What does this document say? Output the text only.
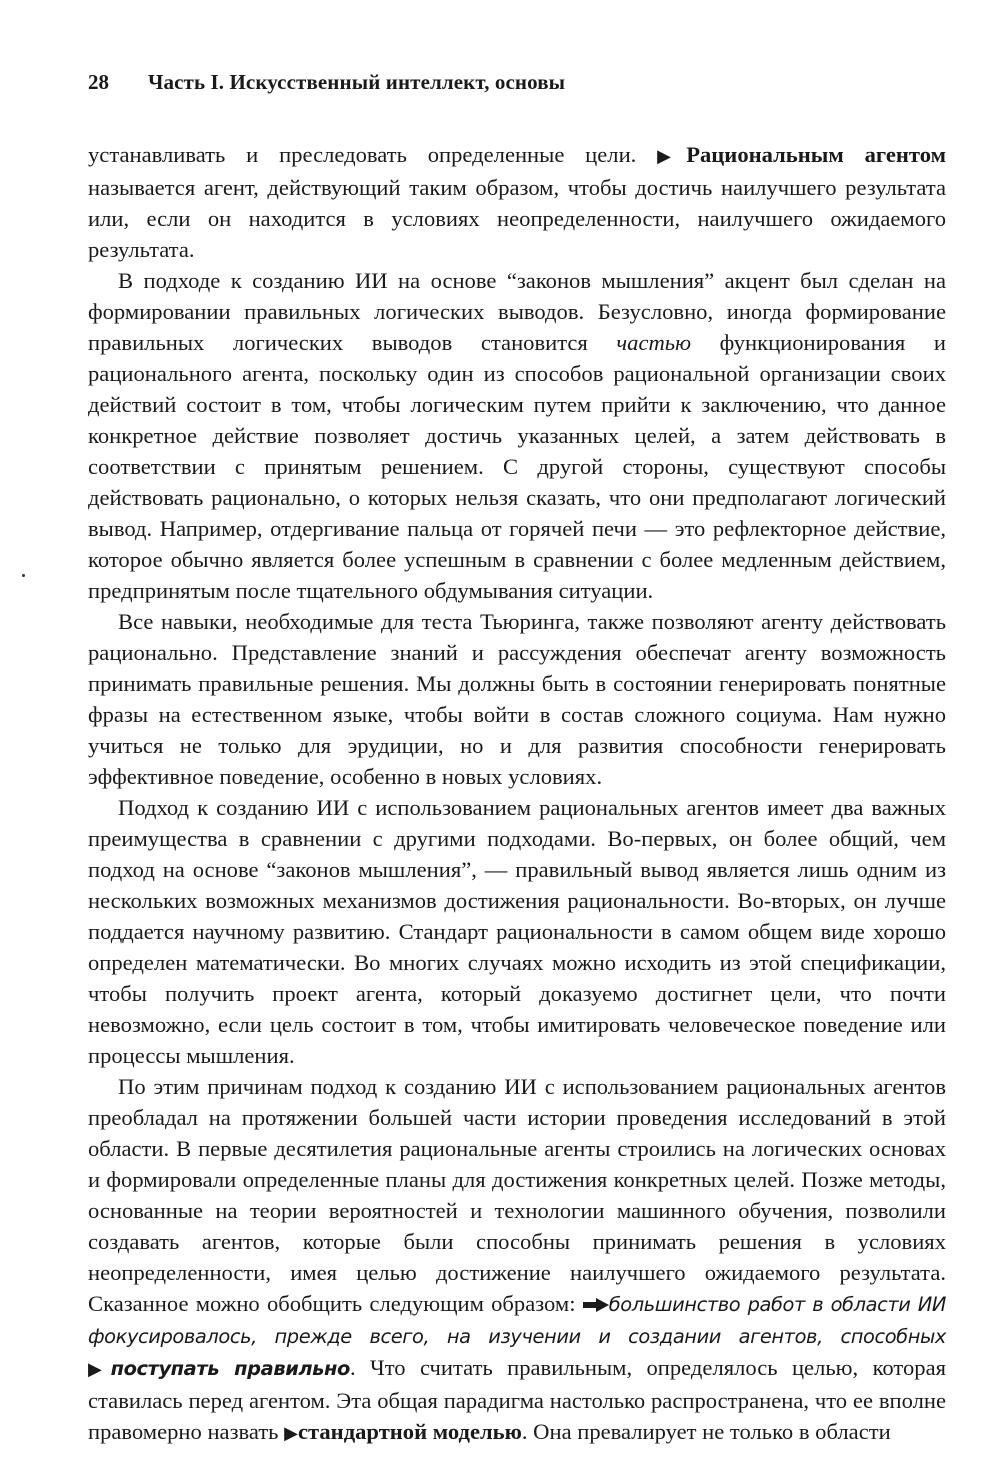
28	Часть I. Искусственный интеллект, основы

устанавливать и преследовать определенные цели. ▶Рациональным агентом называется агент, действующий таким образом, чтобы достичь наилучшего результата или, если он находится в условиях неопределенности, наилучшего ожидаемого результата.

В подходе к созданию ИИ на основе “законов мышления” акцент был сделан на формировании правильных логических выводов. Безусловно, иногда формирование правильных логических выводов становится частью функционирования и рационального агента, поскольку один из способов рациональной организации своих действий состоит в том, чтобы логическим путем прийти к заключению, что данное конкретное действие позволяет достичь указанных целей, а затем действовать в соответствии с принятым решением. С другой стороны, существуют способы действовать рационально, о которых нельзя сказать, что они предполагают логический вывод. Например, отдергивание пальца от горячей печи — это рефлекторное действие, которое обычно является более успешным в сравнении с более медленным действием, предпринятым после тщательного обдумывания ситуации.

Все навыки, необходимые для теста Тьюринга, также позволяют агенту действовать рационально. Представление знаний и рассуждения обеспечат агенту возможность принимать правильные решения. Мы должны быть в состоянии генерировать понятные фразы на естественном языке, чтобы войти в состав сложного социума. Нам нужно учиться не только для эрудиции, но и для развития способности генерировать эффективное поведение, особенно в новых условиях.

Подход к созданию ИИ с использованием рациональных агентов имеет два важных преимущества в сравнении с другими подходами. Во-первых, он более общий, чем подход на основе “законов мышления”, — правильный вывод является лишь одним из нескольких возможных механизмов достижения рациональности. Во-вторых, он лучше поддается научному развитию. Стандарт рациональности в самом общем виде хорошо определен математически. Во многих случаях можно исходить из этой спецификации, чтобы получить проект агента, который доказуемо достигнет цели, что почти невозможно, если цель состоит в том, чтобы имитировать человеческое поведение или процессы мышления.

По этим причинам подход к созданию ИИ с использованием рациональных агентов преобладал на протяжении большей части истории проведения исследований в этой области. В первые десятилетия рациональные агенты строились на логических основах и формировали определенные планы для достижения конкретных целей. Позже методы, основанные на теории вероятностей и технологии машинного обучения, позволили создавать агентов, которые были способны принимать решения в условиях неопределенности, имея целью достижение наилучшего ожидаемого результата. Сказанное можно обобщить следующим образом: большинство работ в области ИИ фокусировалось, прежде всего, на изучении и создании агентов, способных ▶поступать правильно. Что считать правильным, определялось целью, которая ставилась перед агентом. Эта общая парадигма настолько распространена, что ее вполне правомерно назвать ▶стандартной моделью. Она превалирует не только в области
